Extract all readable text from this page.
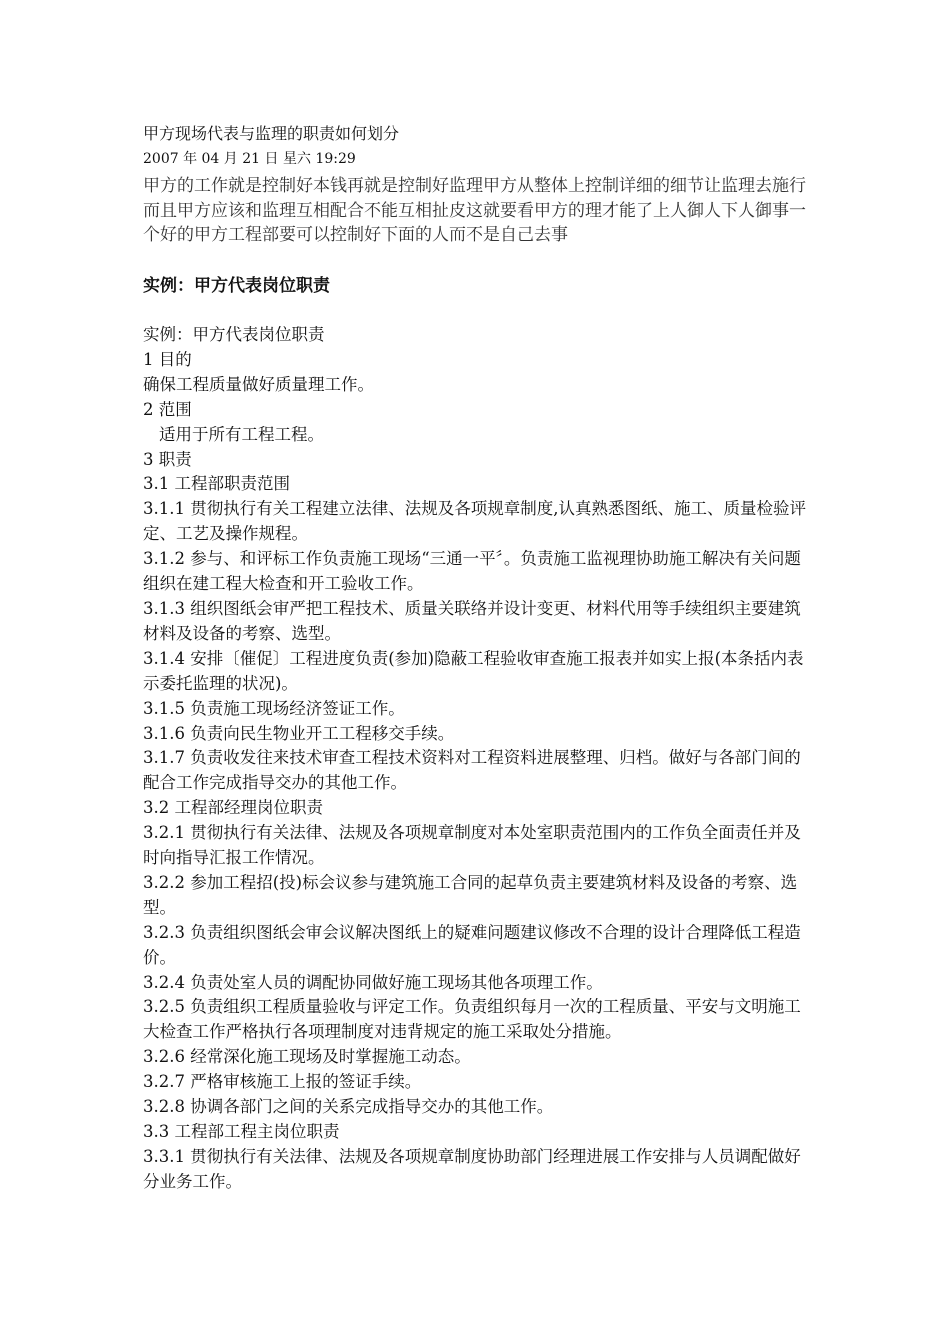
甲方现场代表与监理的职责如何划分
2007 年 04 月 21 日 星六 19:29
甲方的工作就是控制好本钱再就是控制好监理甲方从整体上控制详细的细节让监理去施行而且甲方应该和监理互相配合不能互相扯皮这就要看甲方的理才能了上人御人下人御事一个好的甲方工程部要可以控制好下面的人而不是自己去事
实例：甲方代表岗位职责

实例：甲方代表岗位职责

1 目的

确保工程质量做好质量理工作。

2 范围

适用于所有工程工程。

3 职责

3.1 工程部职责范围

3.1.1 贯彻执行有关工程建立法律、法规及各项规章制度,认真熟悉图纸、施工、质量检验评定、工艺及操作规程。

3.1.2 参与、和评标工作负责施工现场“三通一平〞。负责施工监视理协助施工解决有关问题组织在建工程大检查和开工验收工作。

3.1.3 组织图纸会审严把工程技术、质量关联络并设计变更、材料代用等手续组织主要建筑材料及设备的考察、选型。

3.1.4 安排〔催促〕工程进度负责(参加)隐蔽工程验收审查施工报表并如实上报(本条括内表示委托监理的状况)。

3.1.5 负责施工现场经济签证工作。

3.1.6 负责向民生物业开工工程移交手续。

3.1.7 负责收发往来技术审查工程技术资料对工程资料进展整理、归档。做好与各部门间的配合工作完成指导交办的其他工作。

3.2 工程部经理岗位职责

3.2.1 贯彻执行有关法律、法规及各项规章制度对本处室职责范围内的工作负全面责任并及时向指导汇报工作情况。

3.2.2 参加工程招(投)标会议参与建筑施工合同的起草负责主要建筑材料及设备的考察、选型。

3.2.3 负责组织图纸会审会议解决图纸上的疑难问题建议修改不合理的设计合理降低工程造价。

3.2.4 负责处室人员的调配协同做好施工现场其他各项理工作。

3.2.5 负责组织工程质量验收与评定工作。负责组织每月一次的工程质量、平安与文明施工大检查工作严格执行各项理制度对违背规定的施工采取处分措施。

3.2.6 经常深化施工现场及时掌握施工动态。

3.2.7 严格审核施工上报的签证手续。

3.2.8 协调各部门之间的关系完成指导交办的其他工作。

3.3 工程部工程主岗位职责

3.3.1 贯彻执行有关法律、法规及各项规章制度协助部门经理进展工作安排与人员调配做好分业务工作。
